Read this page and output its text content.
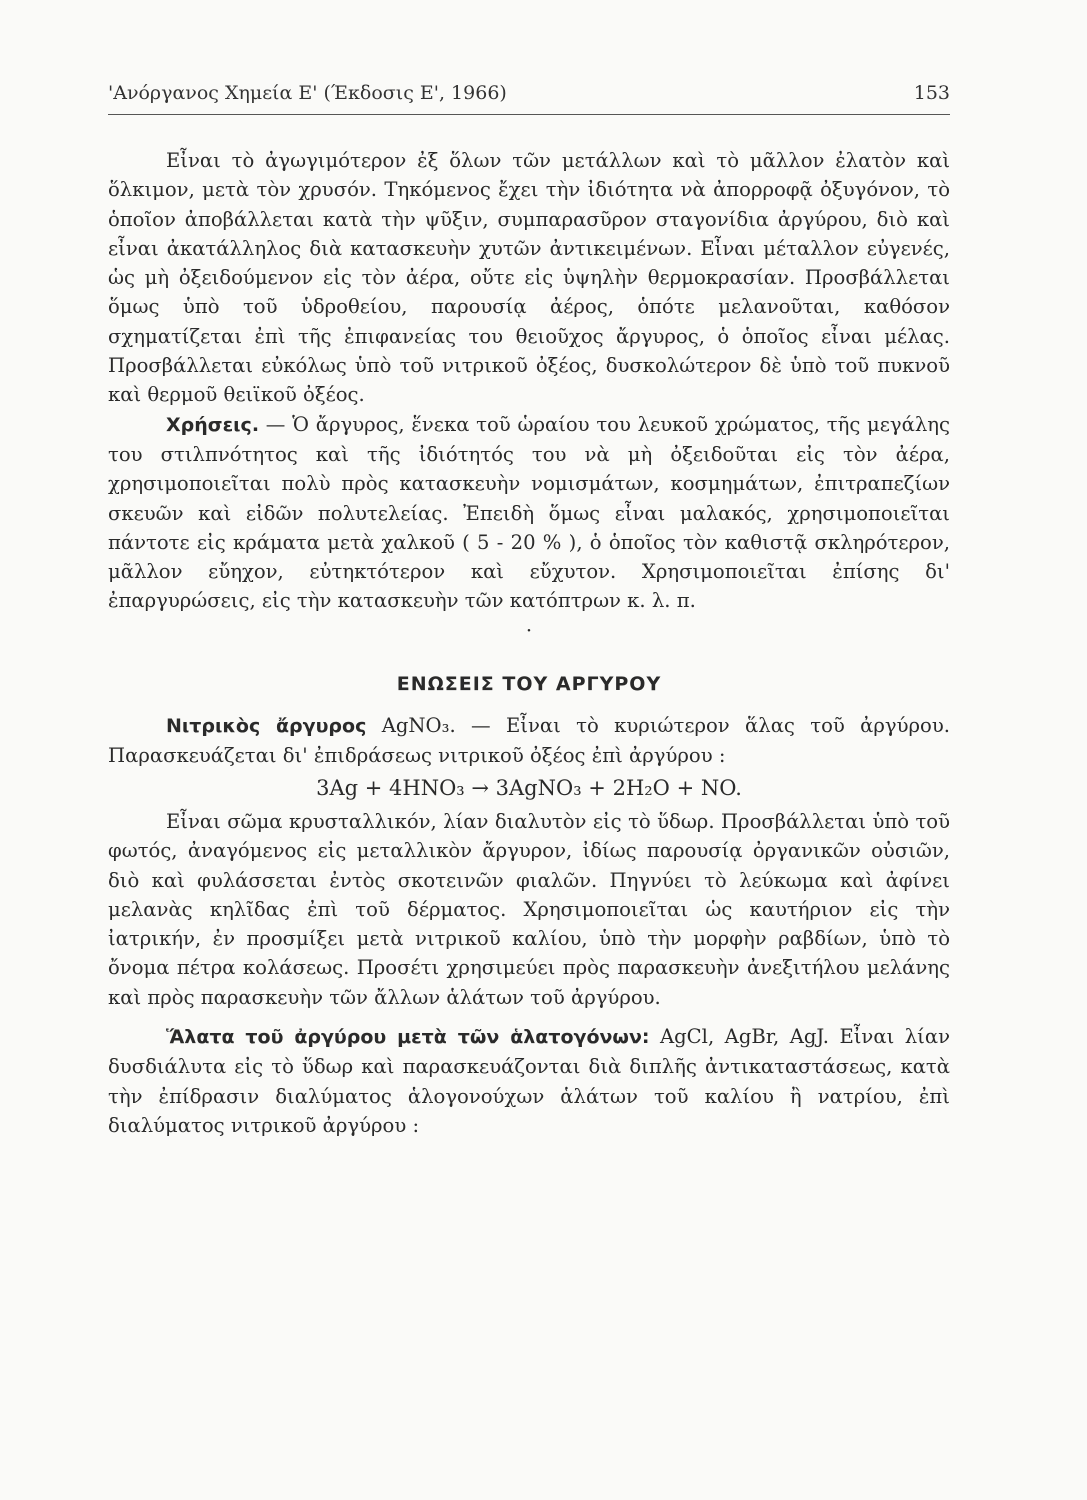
'Ανόργανος Χημεία Ε' (Έκδοσις Ε', 1966)	153

Εἶναι τὸ ἀγωγιμότερον ἐξ ὅλων τῶν μετάλλων καὶ τὸ μᾶλλον ἐλατὸν καὶ ὅλκιμον, μετὰ τὸν χρυσόν. Τηκόμενος ἔχει τὴν ἰδιότητα νὰ ἀπορροφᾷ ὀξυγόνον, τὸ ὁποῖον ἀποβάλλεται κατὰ τὴν ψῦξιν, συμπαρασῦρον σταγονίδια ἀργύρου, διὸ καὶ εἶναι ἀκατάλληλος διὰ κατασκευὴν χυτῶν ἀντικειμένων. Εἶναι μέταλλον εὐγενές, ὡς μὴ ὀξειδούμενον εἰς τὸν ἀέρα, οὔτε εἰς ὑψηλὴν θερμοκρασίαν. Προσβάλλεται ὅμως ὑπὸ τοῦ ὑδροθείου, παρουσίᾳ ἀέρος, ὁπότε μελανοῦται, καθόσον σχηματίζεται ἐπὶ τῆς ἐπιφανείας του θειοῦχος ἄργυρος, ὁ ὁποῖος εἶναι μέλας. Προσβάλλεται εὐκόλως ὑπὸ τοῦ νιτρικοῦ ὀξέος, δυσκολώτερον δὲ ὑπὸ τοῦ πυκνοῦ καὶ θερμοῦ θειϊκοῦ ὀξέος.

Χρήσεις. — Ὁ ἄργυρος, ἕνεκα τοῦ ὡραίου του λευκοῦ χρώματος, τῆς μεγάλης του στιλπνότητος καὶ τῆς ἰδιότητός του νὰ μὴ ὀξειδοῦται εἰς τὸν ἀέρα, χρησιμοποιεῖται πολὺ πρὸς κατασκευὴν νομισμάτων, κοσμημάτων, ἐπιτραπεζίων σκευῶν καὶ εἰδῶν πολυτελείας. Ἐπειδὴ ὅμως εἶναι μαλακός, χρησιμοποιεῖται πάντοτε εἰς κράματα μετὰ χαλκοῦ ( 5 - 20 % ), ὁ ὁποῖος τὸν καθιστᾷ σκληρότερον, μᾶλλον εὔηχον, εὐτηκτότερον καὶ εὔχυτον. Χρησιμοποιεῖται ἐπίσης δι' ἐπαργυρώσεις, εἰς τὴν κατασκευὴν τῶν κατόπτρων κ. λ. π.

·
ΕΝΩΣΕΙΣ ΤΟΥ ΑΡΓΥΡΟΥ

Νιτρικὸς ἄργυρος AgNO₃. — Εἶναι τὸ κυριώτερον ἅλας τοῦ ἀργύρου. Παρασκευάζεται δι' ἐπιδράσεως νιτρικοῦ ὀξέος ἐπὶ ἀργύρου :

3Ag + 4HNO₃ → 3AgNO₃ + 2H₂O + NO.

Εἶναι σῶμα κρυσταλλικόν, λίαν διαλυτὸν εἰς τὸ ὕδωρ. Προσβάλλεται ὑπὸ τοῦ φωτός, ἀναγόμενος εἰς μεταλλικὸν ἄργυρον, ἰδίως παρουσίᾳ ὀργανικῶν οὐσιῶν, διὸ καὶ φυλάσσεται ἐντὸς σκοτεινῶν φιαλῶν. Πηγνύει τὸ λεύκωμα καὶ ἀφίνει μελανὰς κηλῖδας ἐπὶ τοῦ δέρματος. Χρησιμοποιεῖται ὡς καυτήριον εἰς τὴν ἰατρικήν, ἐν προσμίξει μετὰ νιτρικοῦ καλίου, ὑπὸ τὴν μορφὴν ραβδίων, ὑπὸ τὸ ὄνομα πέτρα κολάσεως. Προσέτι χρησιμεύει πρὸς παρασκευὴν ἀνεξιτήλου μελάνης καὶ πρὸς παρασκευὴν τῶν ἄλλων ἁλάτων τοῦ ἀργύρου.

Ἅλατα τοῦ ἀργύρου μετὰ τῶν ἁλατογόνων: AgCl, AgBr, AgJ. Εἶναι λίαν δυσδιάλυτα εἰς τὸ ὕδωρ καὶ παρασκευάζονται διὰ διπλῆς ἀντικαταστάσεως, κατὰ τὴν ἐπίδρασιν διαλύματος ἁλογονούχων ἁλάτων τοῦ καλίου ἢ νατρίου, ἐπὶ διαλύματος νιτρικοῦ ἀργύρου :
